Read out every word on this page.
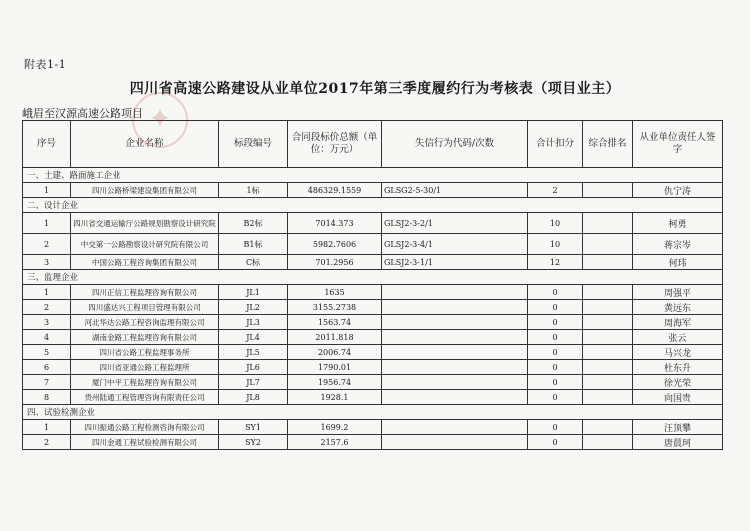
✦
附表1-1
四川省高速公路建设从业单位2017年第三季度履约行为考核表（项目业主）
峨眉至汉源高速公路项目
序号	企业名称	标段编号	合同段标价总额（单位：万元）	失信行为代码/次数	合计扣分	综合排名	从业单位责任人签字
一、土建、路面施工企业							
1	四川公路桥梁建设集团有限公司	1标	486329.1559	GLSG2-5-30/1	2		仇宁涛
二、设计企业							
1	四川省交通运输厅公路规划勘察设计研究院	B2标	7014.373	GLSJ2-3-2/1	10		柯勇
2	中交第一公路勘察设计研究院有限公司	B1标	5982.7606	GLSJ2-3-4/1	10		蒋宗岑
3	中国公路工程咨询集团有限公司	C标	701.2956	GLSJ2-3-1/1	12		何玮
三、监理企业							
1	四川正信工程监理咨询有限公司	JL1	1635		0		周强平
2	四川盛达兴工程项目管理有限公司	JL2	3155.2738		0		黄远东
3	河北华达公路工程咨询监理有限公司	JL3	1563.74		0		周海军
4	湖南金路工程监理咨询有限公司	JL4	2011.818		0		张云
5	四川省公路工程监理事务所	JL5	2006.74		0		马兴龙
6	四川省亚通公路工程监理所	JL6	1790.01		0		杜东升
7	厦门中平工程监理咨询有限公司	JL7	1956.74		0		徐光荣
8	贵州陆通工程管理咨询有限责任公司	JL8	1928.1		0		向国贵
四、试验检测企业							
1	四川振通公路工程检测咨询有限公司	SY1	1699.2		0		汪顶攀
2	四川金通工程试验检测有限公司	SY2	2157.6		0		唐晨珂
